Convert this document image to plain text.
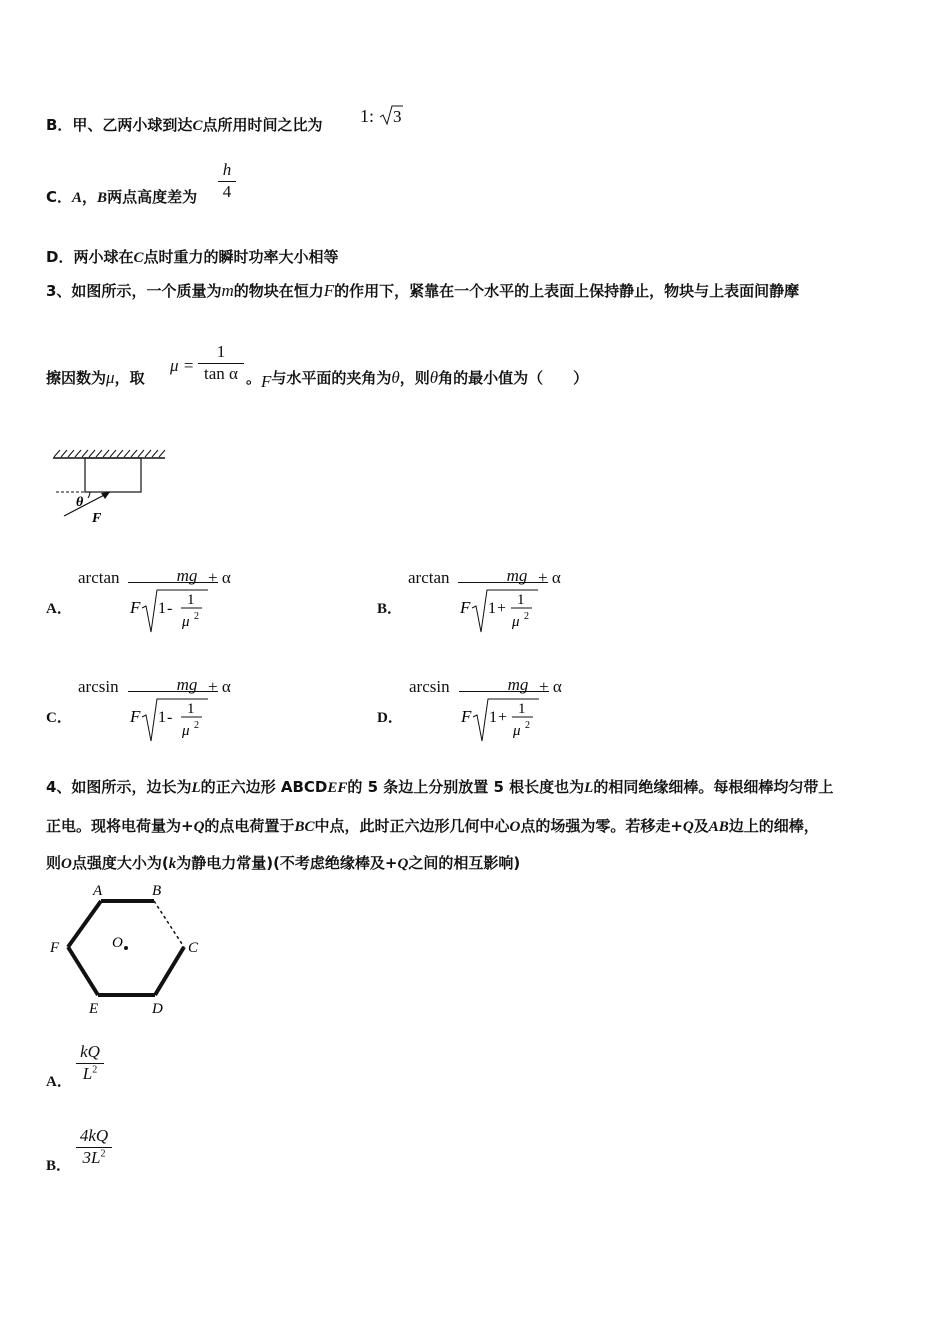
B．甲、乙两小球到达C点所用时间之比为 1: 3
C．A，B两点高度差为
h
4
D．两小球在C点时重力的瞬时功率大小相等
3、如图所示，一个质量为m的物块在恒力F的作用下，紧靠在一个水平的上表面上保持静止，物块与上表面间静摩
擦因数为μ，取
μ =
1
tan α 。F与水平面的夹角为θ，则θ角的最小值为（　　）
θ
F
A．
arctan	mg + α
F 1 - 1
μ 2	B．
arctan	mg + α
F 1 + 1
μ 2
C．
arcsin	mg + α
F 1 - 1
μ 2	D．
arcsin	mg + α
F 1 + 1
μ 2
4、如图所示，边长为L的正六边形 ABCDEF的 5 条边上分别放置 5 根长度也为L的相同绝缘细棒。每根细棒均匀带上
正电。现将电荷量为+Q的点电荷置于BC中点，此时正六边形几何中心O点的场强为零。若移走+Q及AB边上的细棒，
则O点强度大小为(k为静电力常量)(不考虑绝缘棒及+Q之间的相互影响)
A	B
C
D
E
F	O
A．
kQ
$L^2$
B．
4kQ
$3L^2$
